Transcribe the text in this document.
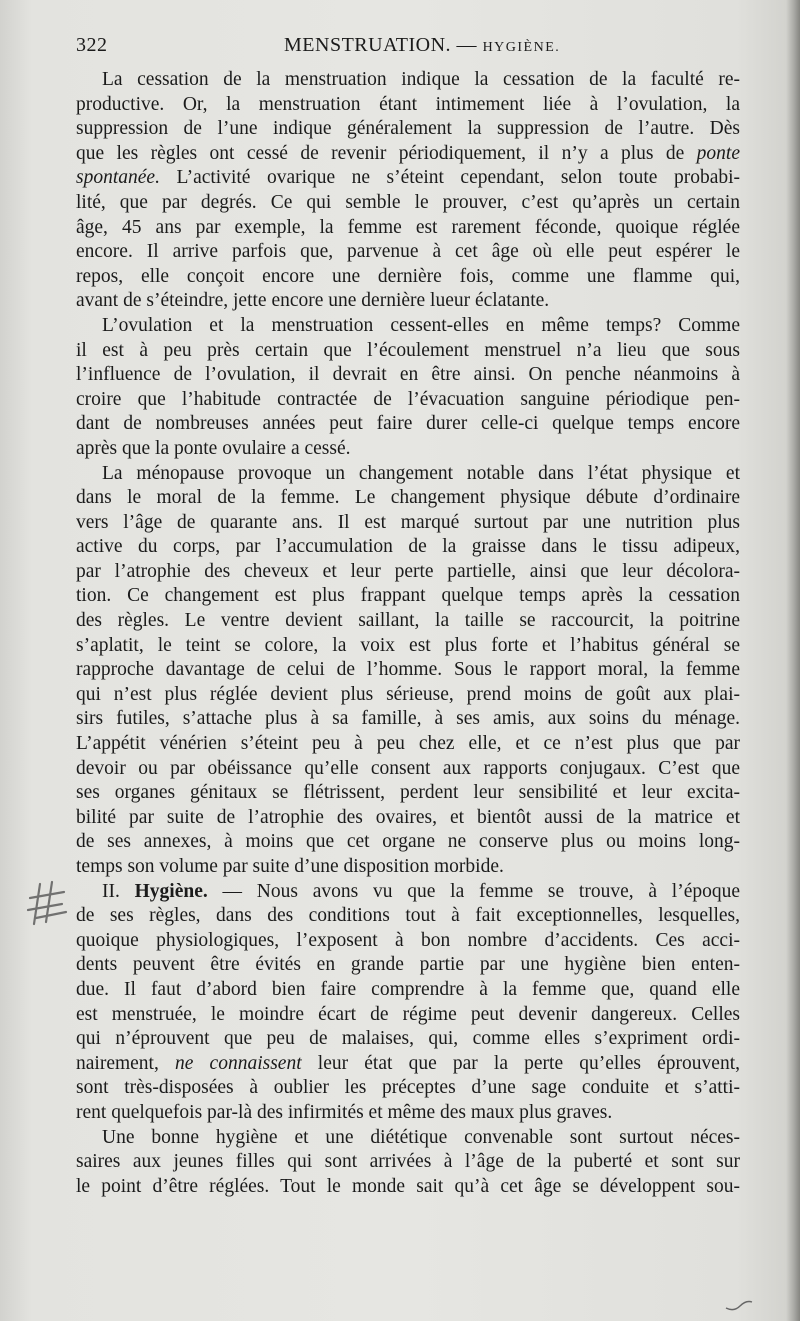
322	MENSTRUATION. — HYGIÈNE.
La cessation de la menstruation indique la cessation de la faculté re-
productive. Or, la menstruation étant intimement liée à l’ovulation, la
suppression de l’une indique généralement la suppression de l’autre. Dès
que les règles ont cessé de revenir périodiquement, il n’y a plus de ponte
spontanée. L’activité ovarique ne s’éteint cependant, selon toute probabi-
lité, que par degrés. Ce qui semble le prouver, c’est qu’après un certain
âge, 45 ans par exemple, la femme est rarement féconde, quoique réglée
encore. Il arrive parfois que, parvenue à cet âge où elle peut espérer le
repos, elle conçoit encore une dernière fois, comme une flamme qui,
avant de s’éteindre, jette encore une dernière lueur éclatante.
L’ovulation et la menstruation cessent-elles en même temps? Comme
il est à peu près certain que l’écoulement menstruel n’a lieu que sous
l’influence de l’ovulation, il devrait en être ainsi. On penche néanmoins à
croire que l’habitude contractée de l’évacuation sanguine périodique pen-
dant de nombreuses années peut faire durer celle-ci quelque temps encore
après que la ponte ovulaire a cessé.
La ménopause provoque un changement notable dans l’état physique et
dans le moral de la femme. Le changement physique débute d’ordinaire
vers l’âge de quarante ans. Il est marqué surtout par une nutrition plus
active du corps, par l’accumulation de la graisse dans le tissu adipeux,
par l’atrophie des cheveux et leur perte partielle, ainsi que leur décolora-
tion. Ce changement est plus frappant quelque temps après la cessation
des règles. Le ventre devient saillant, la taille se raccourcit, la poitrine
s’aplatit, le teint se colore, la voix est plus forte et l’habitus général se
rapproche davantage de celui de l’homme. Sous le rapport moral, la femme
qui n’est plus réglée devient plus sérieuse, prend moins de goût aux plai-
sirs futiles, s’attache plus à sa famille, à ses amis, aux soins du ménage.
L’appétit vénérien s’éteint peu à peu chez elle, et ce n’est plus que par
devoir ou par obéissance qu’elle consent aux rapports conjugaux. C’est que
ses organes génitaux se flétrissent, perdent leur sensibilité et leur excita-
bilité par suite de l’atrophie des ovaires, et bientôt aussi de la matrice et
de ses annexes, à moins que cet organe ne conserve plus ou moins long-
temps son volume par suite d’une disposition morbide.
II. Hygiène. — Nous avons vu que la femme se trouve, à l’époque
de ses règles, dans des conditions tout à fait exceptionnelles, lesquelles,
quoique physiologiques, l’exposent à bon nombre d’accidents. Ces acci-
dents peuvent être évités en grande partie par une hygiène bien enten-
due. Il faut d’abord bien faire comprendre à la femme que, quand elle
est menstruée, le moindre écart de régime peut devenir dangereux. Celles
qui n’éprouvent que peu de malaises, qui, comme elles s’expriment ordi-
nairement, ne connaissent leur état que par la perte qu’elles éprouvent,
sont très-disposées à oublier les préceptes d’une sage conduite et s’atti-
rent quelquefois par-là des infirmités et même des maux plus graves.
Une bonne hygiène et une diététique convenable sont surtout néces-
saires aux jeunes filles qui sont arrivées à l’âge de la puberté et sont sur
le point d’être réglées. Tout le monde sait qu’à cet âge se développent sou-
